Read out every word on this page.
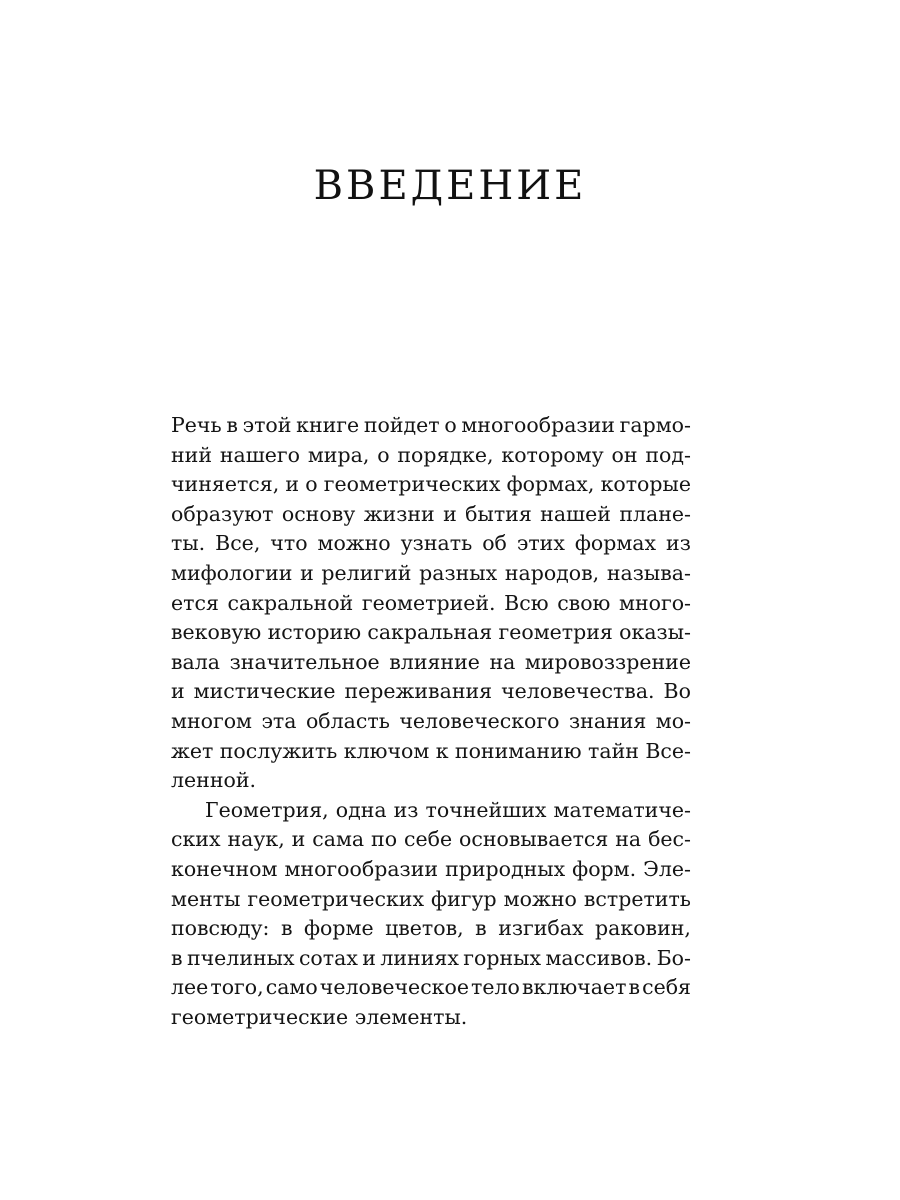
ВВЕДЕНИЕ
Речь в этой книге пойдет о многообразии гармо-
ний нашего мира, о порядке, которому он под-
чиняется, и о геометрических формах, которые
образуют основу жизни и бытия нашей плане-
ты. Все, что можно узнать об этих формах из
мифологии и религий разных народов, называ-
ется сакральной геометрией. Всю свою много-
вековую историю сакральная геометрия оказы-
вала значительное влияние на мировоззрение
и мистические переживания человечества. Во
многом эта область человеческого знания мо-
жет послужить ключом к пониманию тайн Все-
ленной.
Геометрия, одна из точнейших математиче-
ских наук, и сама по себе основывается на бес-
конечном многообразии природных форм. Эле-
менты геометрических фигур можно встретить
повсюду: в форме цветов, в изгибах раковин,
в пчелиных сотах и линиях горных массивов. Бо-
лее того, само человеческое тело включает в себя
геометрические
элементы.
